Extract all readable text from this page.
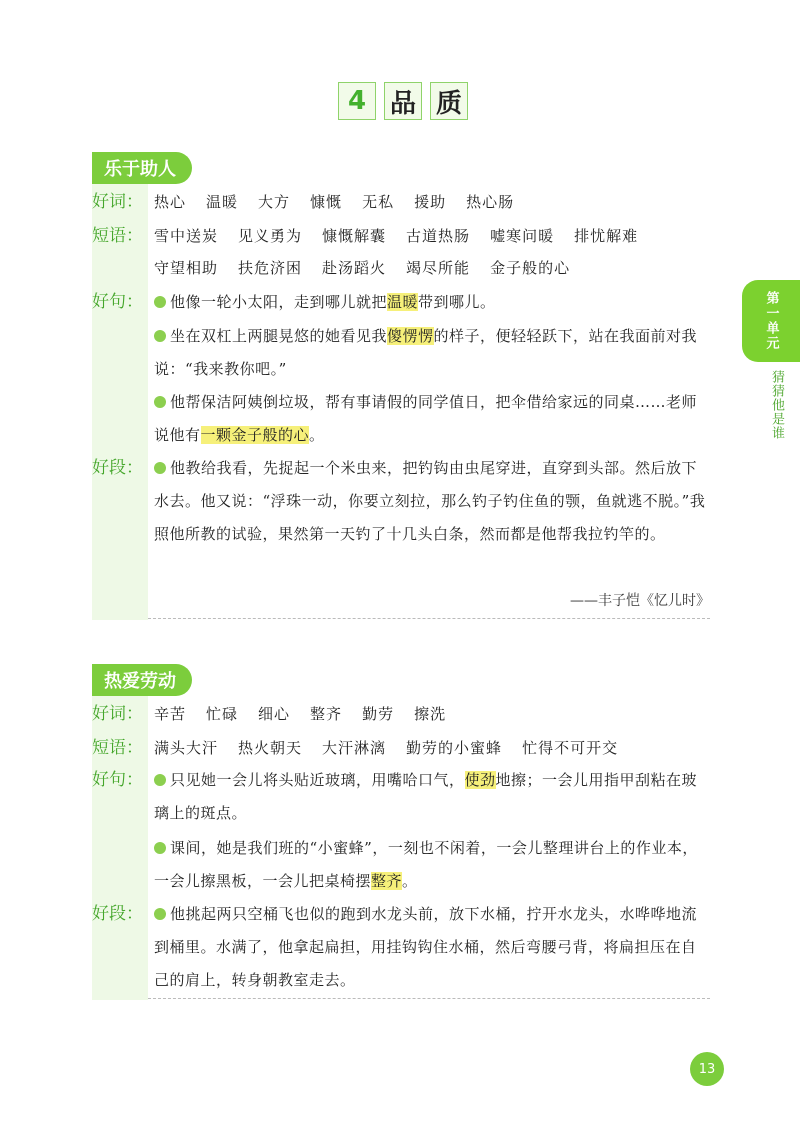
4 品 质
第一单元
猜猜他是谁
乐于助人
好词： 热心 温暖 大方 慷慨 无私 援助 热心肠
短语： 雪中送炭 见义勇为 慷慨解囊 古道热肠 嘘寒问暖 排忧解难
守望相助 扶危济困 赴汤蹈火 竭尽所能 金子般的心
好句：	他像一轮小太阳，走到哪儿就把温暖带到哪儿。
坐在双杠上两腿晃悠的她看见我傻愣愣的样子，便轻轻跃下，站在我面前对我说：“我来教你吧。”
他帮保洁阿姨倒垃圾，帮有事请假的同学值日，把伞借给家远的同桌……老师说他有一颗金子般的心。
好段：	他教给我看，先捉起一个米虫来，把钓钩由虫尾穿进，直穿到头部。然后放下水去。他又说：“浮珠一动，你要立刻拉，那么钓子钓住鱼的颚，鱼就逃不脱。”我照他所教的试验，果然第一天钓了十几头白条，然而都是他帮我拉钓竿的。
——丰子恺《忆儿时》
热爱劳动
好词： 辛苦 忙碌 细心 整齐 勤劳 擦洗
短语： 满头大汗 热火朝天 大汗淋漓 勤劳的小蜜蜂 忙得不可开交
好句：	只见她一会儿将头贴近玻璃，用嘴哈口气，使劲地擦；一会儿用指甲刮粘在玻璃上的斑点。
课间，她是我们班的“小蜜蜂”，一刻也不闲着，一会儿整理讲台上的作业本，一会儿擦黑板，一会儿把桌椅摆整齐。
好段：	他挑起两只空桶飞也似的跑到水龙头前，放下水桶，拧开水龙头，水哗哗地流到桶里。水满了，他拿起扁担，用挂钩钩住水桶，然后弯腰弓背，将扁担压在自己的肩上，转身朝教室走去。
13
